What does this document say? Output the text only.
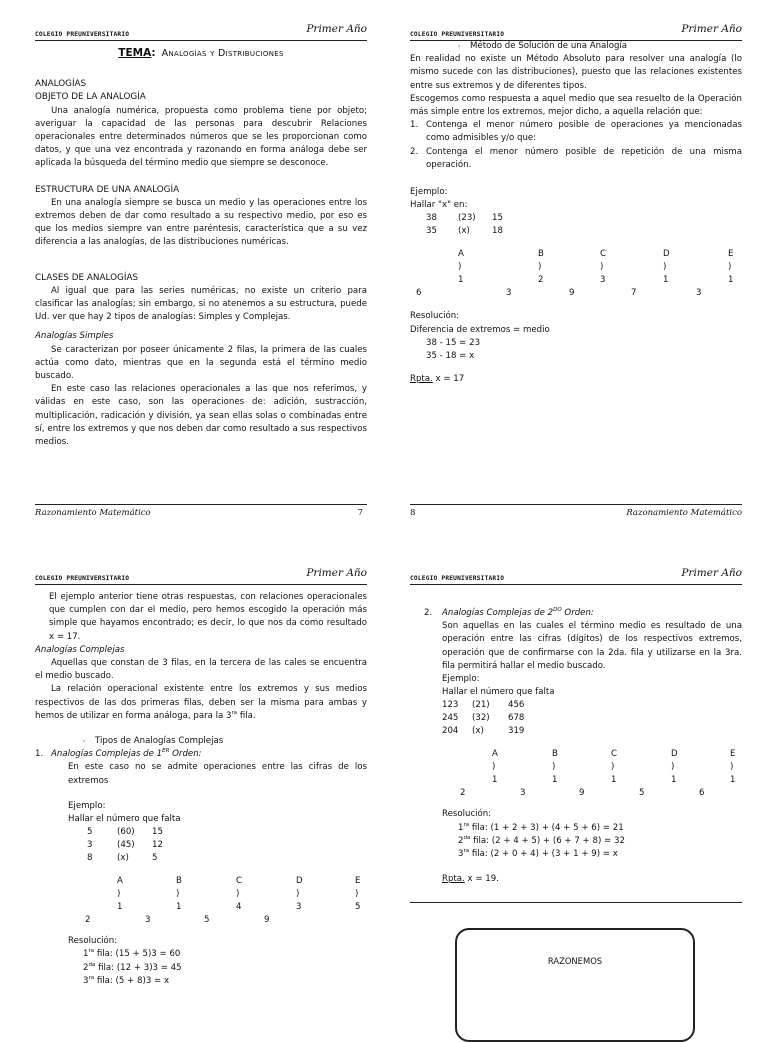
COLEGIO PREUNIVERSITARIO	Primer Año
TEMA: Analogías y Distribuciones

ANALOGÍAS

OBJETO DE LA ANALOGÍA

Una analogía numérica, propuesta como problema tiene por objeto; averiguar la capacidad de las personas para descubrir Relaciones operacionales entre determinados números que se les proporcionan como datos, y que una vez encontrada y razonando en forma análoga debe ser aplicada la búsqueda del término medio que siempre se desconoce.

ESTRUCTURA DE UNA ANALOGÍA

En una analogía siempre se busca un medio y las operaciones entre los extremos deben de dar como resultado a su respectivo medio, por eso es que los medios siempre van entre paréntesis, característica que a su vez diferencia a las analogías, de las distribuciones numéricas.

CLASES DE ANALOGÍAS

Al igual que para las series numéricas, no existe un criterio para clasificar las analogías; sin embargo, si no atenemos a su estructura, puede Ud. ver que hay 2 tipos de analogías: Simples y Complejas.

Analogías Simples

Se caracterizan por poseer únicamente 2 filas, la primera de las cuales actúa como dato, mientras que en la segunda está el término medio buscado.

En este caso las relaciones operacionales a las que nos referimos, y válidas en este caso, son las operaciones de: adición, sustracción, multiplicación, radicación y división, ya sean ellas solas o combinadas entre sí, entre los extremos y que nos deben dar como resultado a sus respectivos medios.

Razonamiento Matemático	7
COLEGIO PREUNIVERSITARIO	Primer Año

› Método de Solución de una Analogía

En realidad no existe un Método Absoluto para resolver una analogía (lo mismo sucede con las distribuciones), puesto que las relaciones existentes entre sus extremos y de diferentes tipos.

Escogemos como respuesta a aquel medio que sea resuelto de la Operación más simple entre los extremos, mejor dicho, a aquella relación que:

1. Contenga el menor número posible de operaciones ya mencionadas como admisibles y/o que:

2. Contenga el menor número posible de repetición de una misma operación.

Ejemplo:

Hallar "x" en:

38 (23) 15
35 (x)	18
A	B	C	D	E
)	)	)	)	)
1	2	3	1	1
6	3	9	7	3

Resolución:

Diferencia de extremos = medio

38 - 15 = 23

35 - 18 = x

Rpta. x = 17

8	Razonamiento Matemático
COLEGIO PREUNIVERSITARIO	Primer Año

El ejemplo anterior tiene otras respuestas, con relaciones operacionales que cumplen con dar el medio, pero hemos escogido la operación más simple que hayamos encontrado; es decir, lo que nos da como resultado x = 17.

Analogías Complejas

Aquellas que constan de 3 filas, en la tercera de las cales se encuentra el medio buscado.

La relación operacional existente entre los extremos y sus medios respectivos de las dos primeras filas, deben ser la misma para ambas y hemos de utilizar en forma análoga, para la $3^{ra}$ fila.

› Tipos de Analogías Complejas

1. Analogías Complejas de 1ER Orden:

En este caso no se admite operaciones entre las cifras de los extremos

Ejemplo:

Hallar el número que falta

5	(60) 15
3	(45) 12
8	(x)	5
A	B	C	D	E
)	)	)	)	)
1	1	4	3	5
2	3	5	9

Resolución:

$1^{ra}$ fila: (15 + 5)3 = 60

$2^{da}$ fila: (12 + 3)3 = 45

$3^{ra}$ fila: (5 + 8)3 = x

COLEGIO PREUNIVERSITARIO	Primer Año
2.	Analogías Complejas de $2^{DO}$ Orden:

Son aquellas en las cuales el término medio es resultado de una operación entre las cifras (dígitos) de los respectivos extremos, operación que de confirmarse con la 2da. fila y utilizarse en la 3ra. fila permitirá hallar el medio buscado.

Ejemplo:

Hallar el número que falta

123 (21) 456
245 (32) 678
204 (x)	319
A	B	C	D	E
)	)	)	)	)
1	1	1	1	1
2	3	9	5	6

Resolución:

$1^{ra}$ fila: (1 + 2 + 3) + (4 + 5 + 6) = 21

$2^{da}$ fila: (2 + 4 + 5) + (6 + 7 + 8) = 32

$3^{ra}$ fila: (2 + 0 + 4) + (3 + 1 + 9) = x

Rpta. x = 19.

RAZONEMOS
